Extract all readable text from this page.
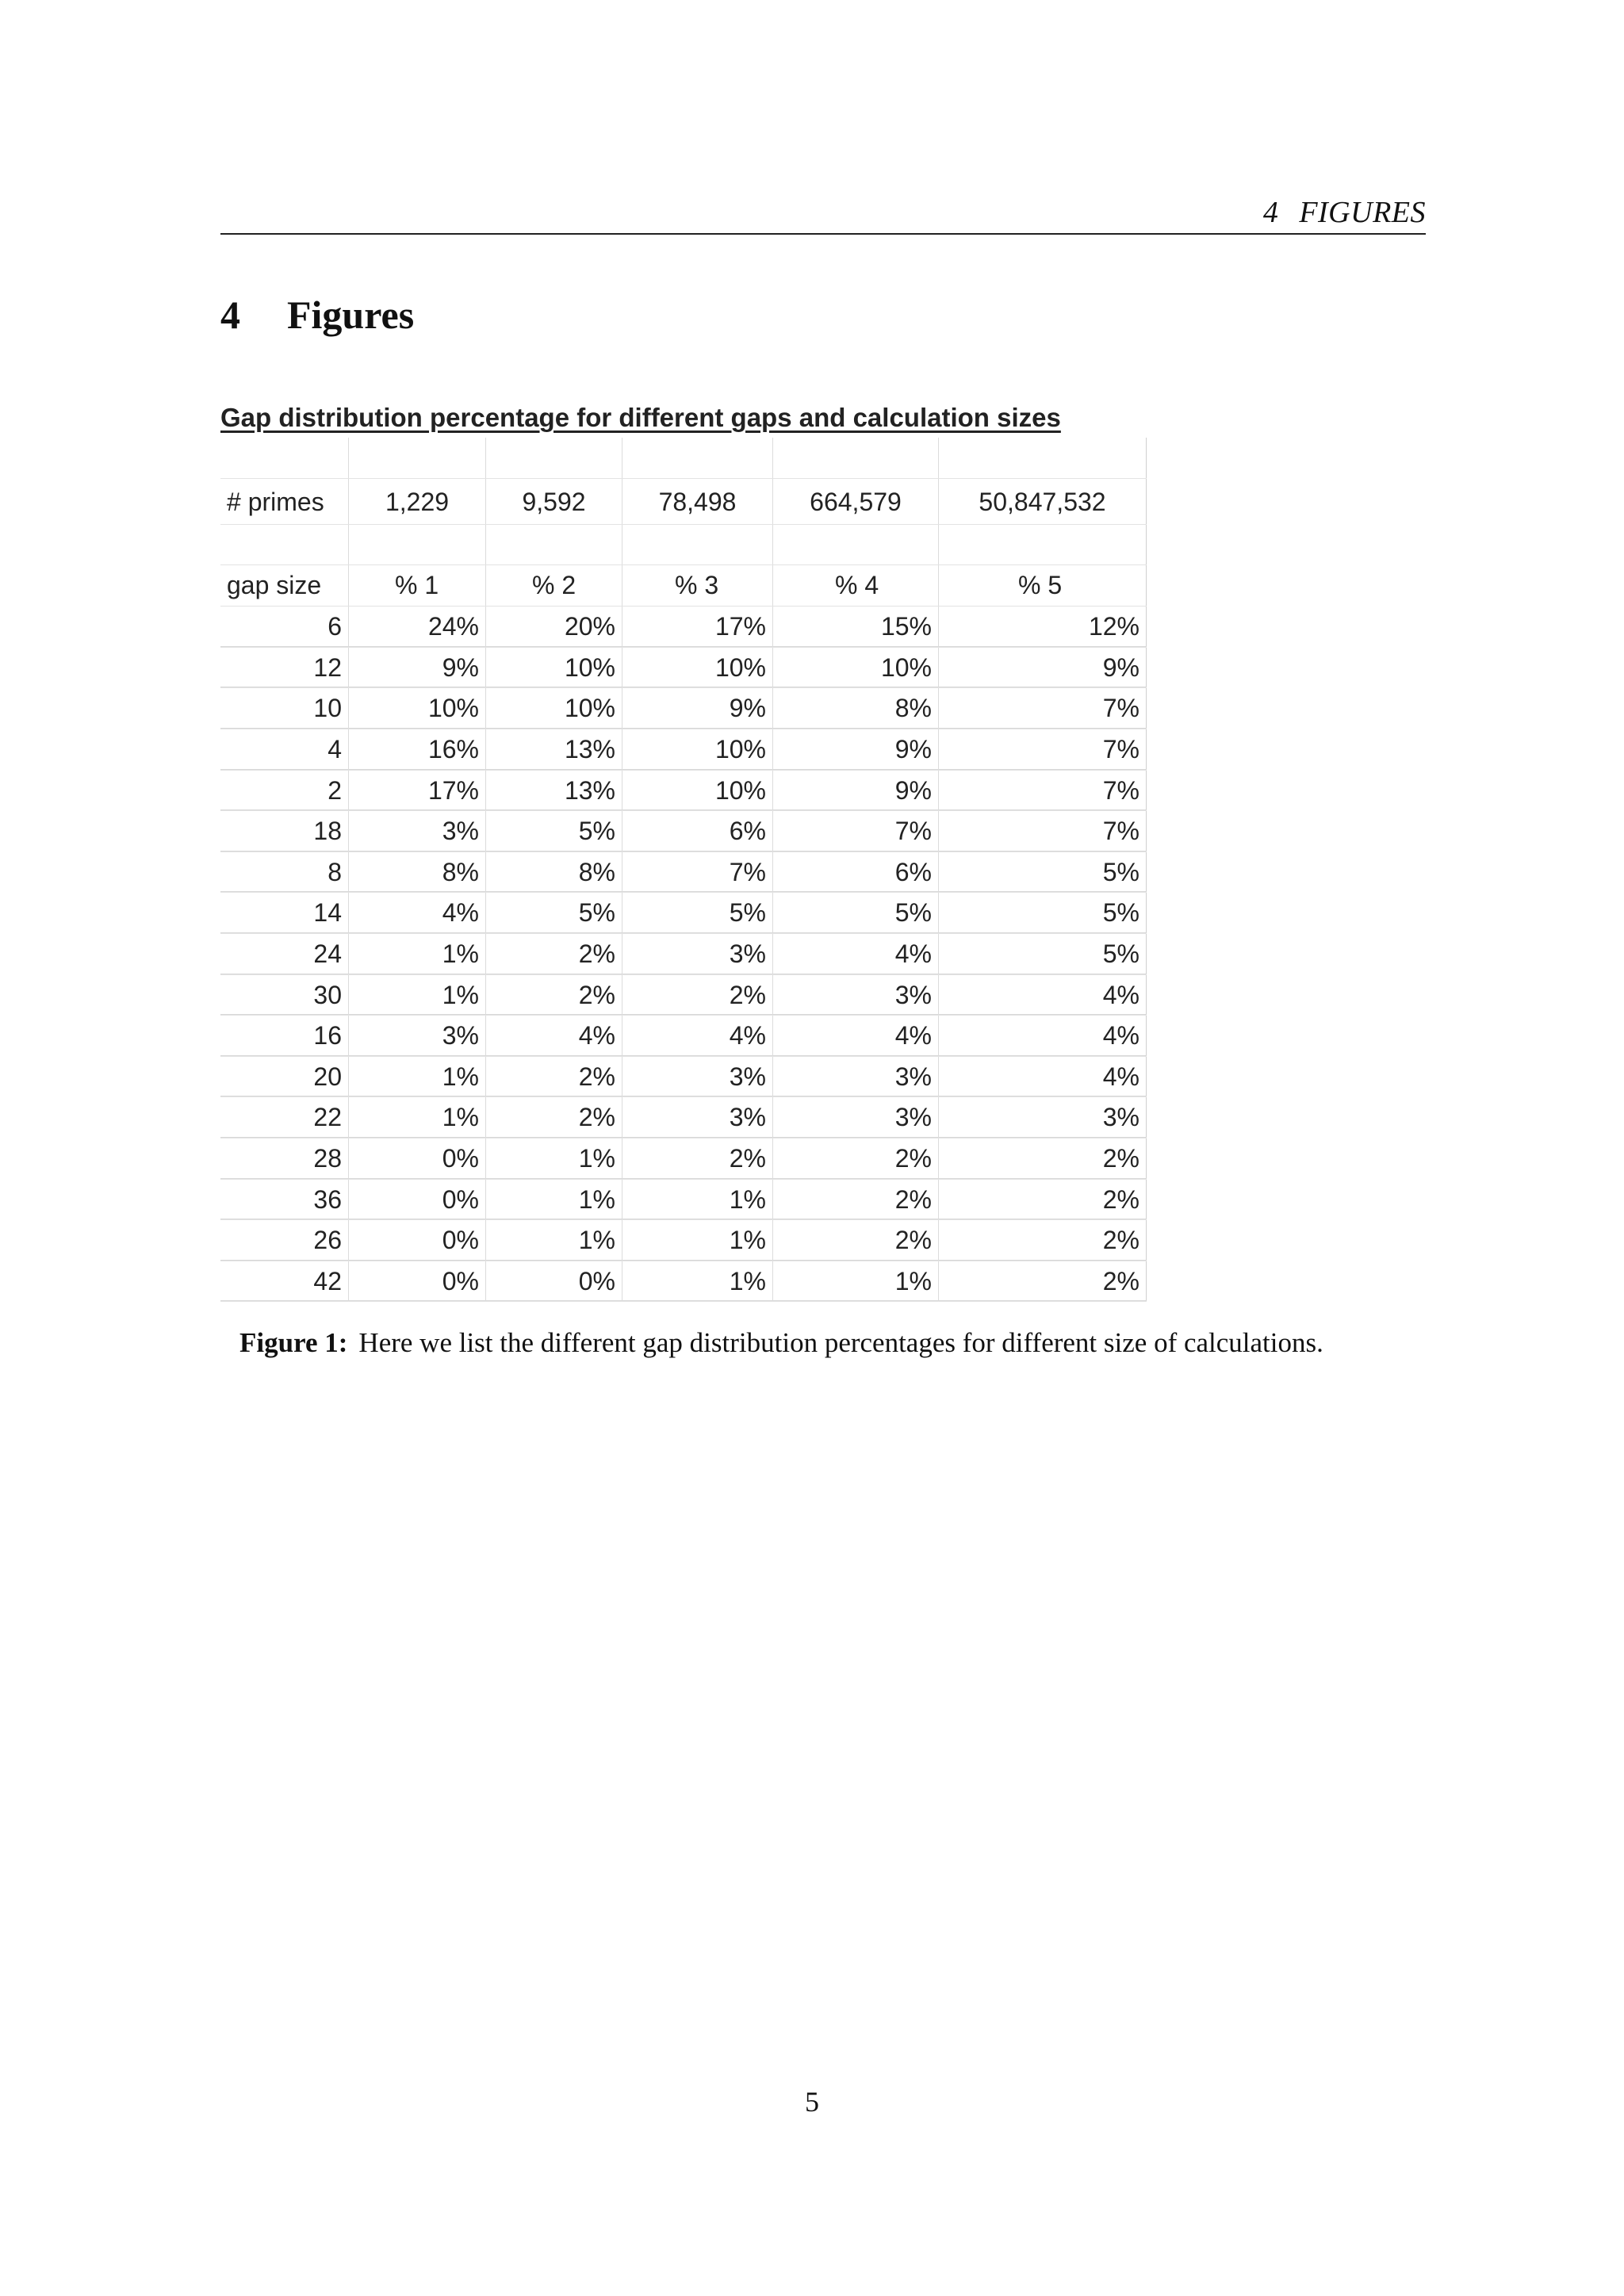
4 FIGURES
4 Figures
Gap distribution percentage for different gaps and calculation sizes
# primes	1,229	9,592	78,498	664,579	50,847,532
gap size	% 1	% 2	% 3	% 4	% 5
6	24%	20%	17%	15%	12%
12	9%	10%	10%	10%	9%
10	10%	10%	9%	8%	7%
4	16%	13%	10%	9%	7%
2	17%	13%	10%	9%	7%
18	3%	5%	6%	7%	7%
8	8%	8%	7%	6%	5%
14	4%	5%	5%	5%	5%
24	1%	2%	3%	4%	5%
30	1%	2%	2%	3%	4%
16	3%	4%	4%	4%	4%
20	1%	2%	3%	3%	4%
22	1%	2%	3%	3%	3%
28	0%	1%	2%	2%	2%
36	0%	1%	1%	2%	2%
26	0%	1%	1%	2%	2%
42	0%	0%	1%	1%	2%

Figure 1: Here we list the different gap distribution percentages for different size of calculations.

5
